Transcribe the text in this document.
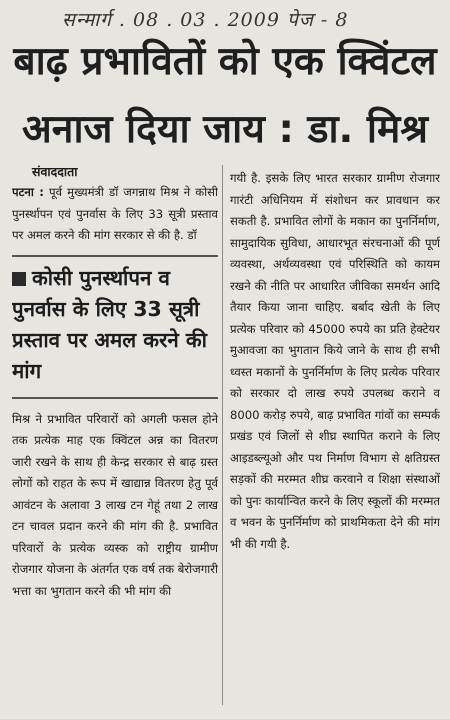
सन्मार्ग . 08 . 03 . 2009 पेज - 8
बाढ़ प्रभावितों को एक क्विंटल
अनाज दिया जाय : डा. मिश्र
संवाददाता

पटना : पूर्व मुख्यमंत्री डॉ जगन्नाथ मिश्र ने कोसी पुनर्स्थापन एवं पुनर्वास के लिए 33 सूत्री प्रस्ताव पर अमल करने की मांग सरकार से की है. डॉ

कोसी पुनर्स्थापन व पुनर्वास के लिए 33 सूत्री प्रस्ताव पर अमल करने की मांग

मिश्र ने प्रभावित परिवारों को अगली फसल होने तक प्रत्येक माह एक क्विंटल अन्न का वितरण जारी रखने के साथ ही केन्द्र सरकार से बाढ़ ग्रस्त लोगों को राहत के रूप में खाद्यान्न वितरण हेतु पूर्व आवंटन के अलावा 3 लाख टन गेहूं तथा 2 लाख टन चावल प्रदान करने की मांग की है. प्रभावित परिवारों के प्रत्येक व्यस्क को राष्ट्रीय ग्रामीण रोजगार योजना के अंतर्गत एक वर्ष तक बेरोजगारी भत्ता का भुगतान करने की भी मांग की

गयी है. इसके लिए भारत सरकार ग्रामीण रोजगार गारंटी अधिनियम में संशोधन कर प्रावधान कर सकती है. प्रभावित लोगों के मकान का पुनर्निर्माण, सामुदायिक सुविधा, आधारभूत संरचनाओं की पूर्ण व्यवस्था, अर्थव्यवस्था एवं परिस्थिति को कायम रखने की नीति पर आधारित जीविका समर्थन आदि तैयार किया जाना चाहिए. बर्बाद खेती के लिए प्रत्येक परिवार को 45000 रुपये का प्रति हेक्टेयर मुआवजा का भुगतान किये जाने के साथ ही सभी ध्वस्त मकानों के पुनर्निर्माण के लिए प्रत्येक परिवार को सरकार दो लाख रुपये उपलब्ध कराने व 8000 करोड़ रुपये, बाढ़ प्रभावित गांवों का सम्पर्क प्रखंड एवं जिलों से शीघ्र स्थापित कराने के लिए आइडब्ल्यूओ और पथ निर्माण विभाग से क्षतिग्रस्त सड़कों की मरम्मत शीघ्र करवाने व शिक्षा संस्थाओं को पुनः कार्यान्वित करने के लिए स्कूलों की मरम्मत व भवन के पुनर्निर्माण को प्राथमिकता देने की मांग भी की गयी है.
